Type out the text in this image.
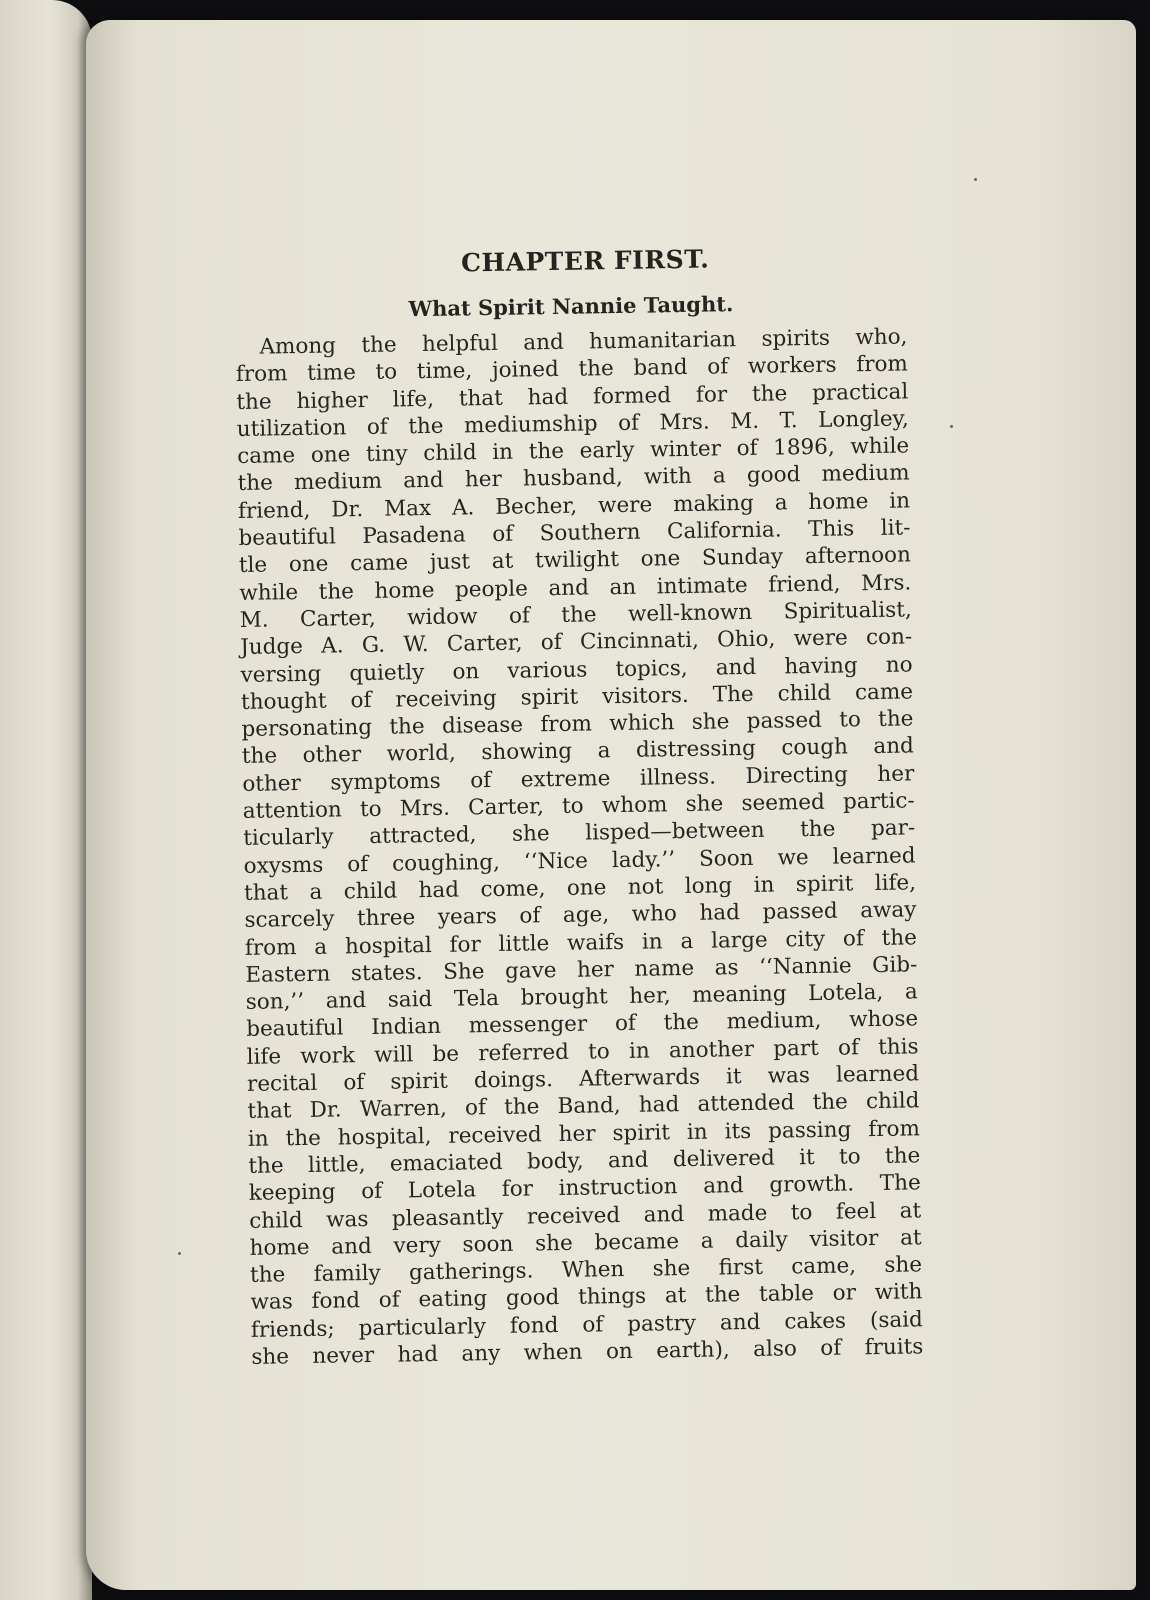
CHAPTER FIRST.
What Spirit Nannie Taught.
Among the helpful and humanitarian spirits who,
from time to time, joined the band of workers from
the higher life, that had formed for the practical
utilization of the mediumship of Mrs. M. T. Longley,
came one tiny child in the early winter of 1896, while
the medium and her husband, with a good medium
friend, Dr. Max A. Becher, were making a home in
beautiful Pasadena of Southern California. This lit-
tle one came just at twilight one Sunday afternoon
while the home people and an intimate friend, Mrs.
M. Carter, widow of the well-known Spiritualist,
Judge A. G. W. Carter, of Cincinnati, Ohio, were con-
versing quietly on various topics, and having no
thought of receiving spirit visitors. The child came
personating the disease from which she passed to the
the other world, showing a distressing cough and
other symptoms of extreme illness. Directing her
attention to Mrs. Carter, to whom she seemed partic-
ticularly attracted, she lisped—between the par-
oxysms of coughing, ‘‘Nice lady.’’ Soon we learned
that a child had come, one not long in spirit life,
scarcely three years of age, who had passed away
from a hospital for little waifs in a large city of the
Eastern states. She gave her name as ‘‘Nannie Gib-
son,’’ and said Tela brought her, meaning Lotela, a
beautiful Indian messenger of the medium, whose
life work will be referred to in another part of this
recital of spirit doings. Afterwards it was learned
that Dr. Warren, of the Band, had attended the child
in the hospital, received her spirit in its passing from
the little, emaciated body, and delivered it to the
keeping of Lotela for instruction and growth. The
child was pleasantly received and made to feel at
home and very soon she became a daily visitor at
the family gatherings. When she first came, she
was fond of eating good things at the table or with
friends; particularly fond of pastry and cakes (said
she never had any when on earth), also of fruits
